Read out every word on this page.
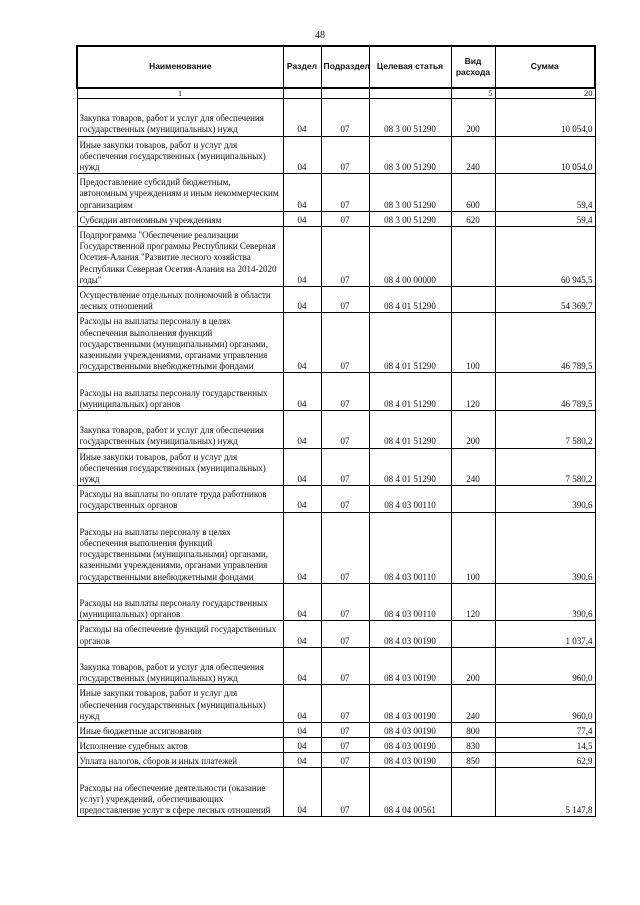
48
Наименование	Раздел	Подраздел	Целевая статья	Вид расхода	Сумма
1				5	20

Закупка товаров, работ и услуг для обеспечения государственных (муниципальных) нужд	04	07	08 3 00 51290	200	10 054,0

Иные закупки товаров, работ и услуг для обеспечения государственных (муниципальных) нужд	04	07	08 3 00 51290	240	10 054,0

Предоставление субсидий бюджетным, автономным учреждениям и иным некоммерческим организациям	04	07	08 3 00 51290	600	59,4

Субсидии автономным учреждениям	04	07	08 3 00 51290	620	59,4

Подпрограмма "Обеспечение реализации Государственной программы Республики Северная Осетия-Алания "Развитие лесного хозяйства Республики Северная Осетия-Алания на 2014-2020 годы"	04	07	08 4 00 00000		60 945,5

Осуществление отдельных полномочий в области лесных отношений	04	07	08 4 01 51290		54 369,7

Расходы на выплаты персоналу в целях обеспечения выполнения функций государственными (муниципальными) органами, казенными учреждениями, органами управления государственными внебюджетными фондами	04	07	08 4 01 51290	100	46 789,5

Расходы на выплаты персоналу государственных (муниципальных) органов	04	07	08 4 01 51290	120	46 789,5

Закупка товаров, работ и услуг для обеспечения государственных (муниципальных) нужд	04	07	08 4 01 51290	200	7 580,2

Иные закупки товаров, работ и услуг для обеспечения государственных (муниципальных) нужд	04	07	08 4 01 51290	240	7 580,2

Расходы на выплаты по оплате труда работников государственных органов	04	07	08 4 03 00110		390,6

Расходы на выплаты персоналу в целях обеспечения выполнения функций государственными (муниципальными) органами, казенными учреждениями, органами управления государственными внебюджетными фондами	04	07	08 4 03 00110	100	390,6

Расходы на выплаты персоналу государственных (муниципальных) органов	04	07	08 4 03 00110	120	390,6

Расходы на обеспечение функций государственных органов	04	07	08 4 03 00190		1 037,4

Закупка товаров, работ и услуг для обеспечения государственных (муниципальных) нужд	04	07	08 4 03 00190	200	960,0

Иные закупки товаров, работ и услуг для обеспечения государственных (муниципальных) нужд	04	07	08 4 03 00190	240	960,0

Иные бюджетные ассигнования	04	07	08 4 03 00190	800	77,4

Исполнение судебных актов	04	07	08 4 03 00190	830	14,5

Уплата налогов, сборов и иных платежей	04	07	08 4 03 00190	850	62,9

Расходы на обеспечение деятельности (оказание услуг) учреждений, обеспечивающих предоставление услуг в сфере лесных отношений	04	07	08 4 04 00561		5 147,8
